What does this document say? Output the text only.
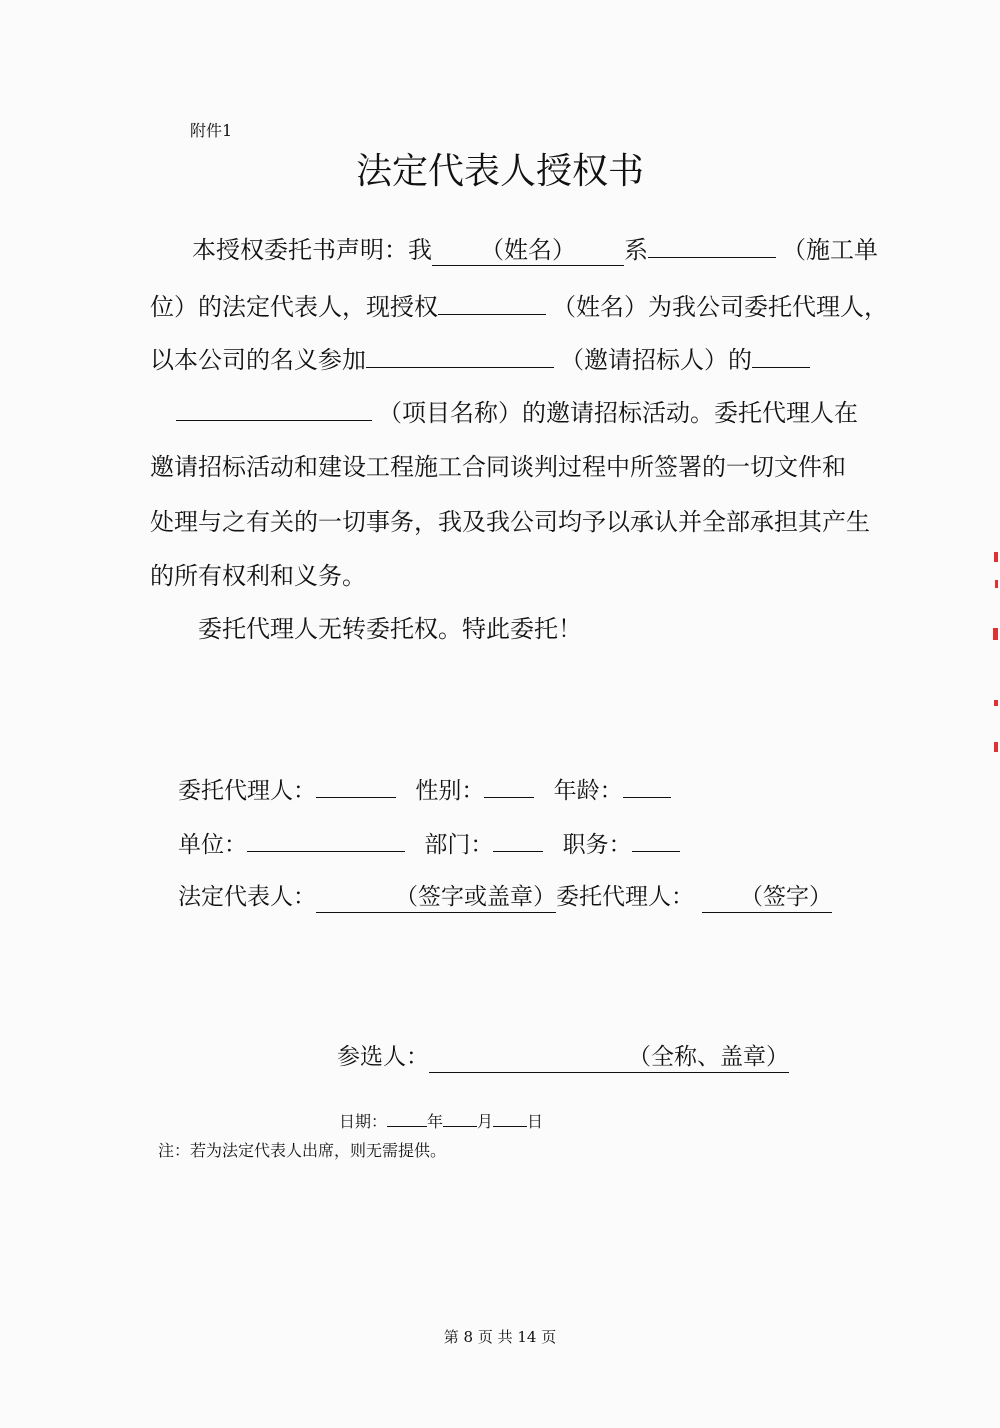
附件1
法定代表人授权书
本授权委托书声明：我 （姓名） 系	（施工单
位）的法定代表人，现授权	（姓名）为我公司委托代理人，
以本公司的名义参加	（邀请招标人）的
（项目名称）的邀请招标活动。委托代理人在
邀请招标活动和建设工程施工合同谈判过程中所签署的一切文件和
处理与之有关的一切事务，我及我公司均予以承认并全部承担其产生
的所有权利和义务。
委托代理人无转委托权。特此委托！
委托代理人：	性别：	年龄：
单位：	部门：	职务：
法定代表人：	（签字或盖章）委托代理人： （签字）
参选人：	（全称、盖章）
日期：	年 月 日
注：若为法定代表人出席，则无需提供。
第 8 页 共 14 页
